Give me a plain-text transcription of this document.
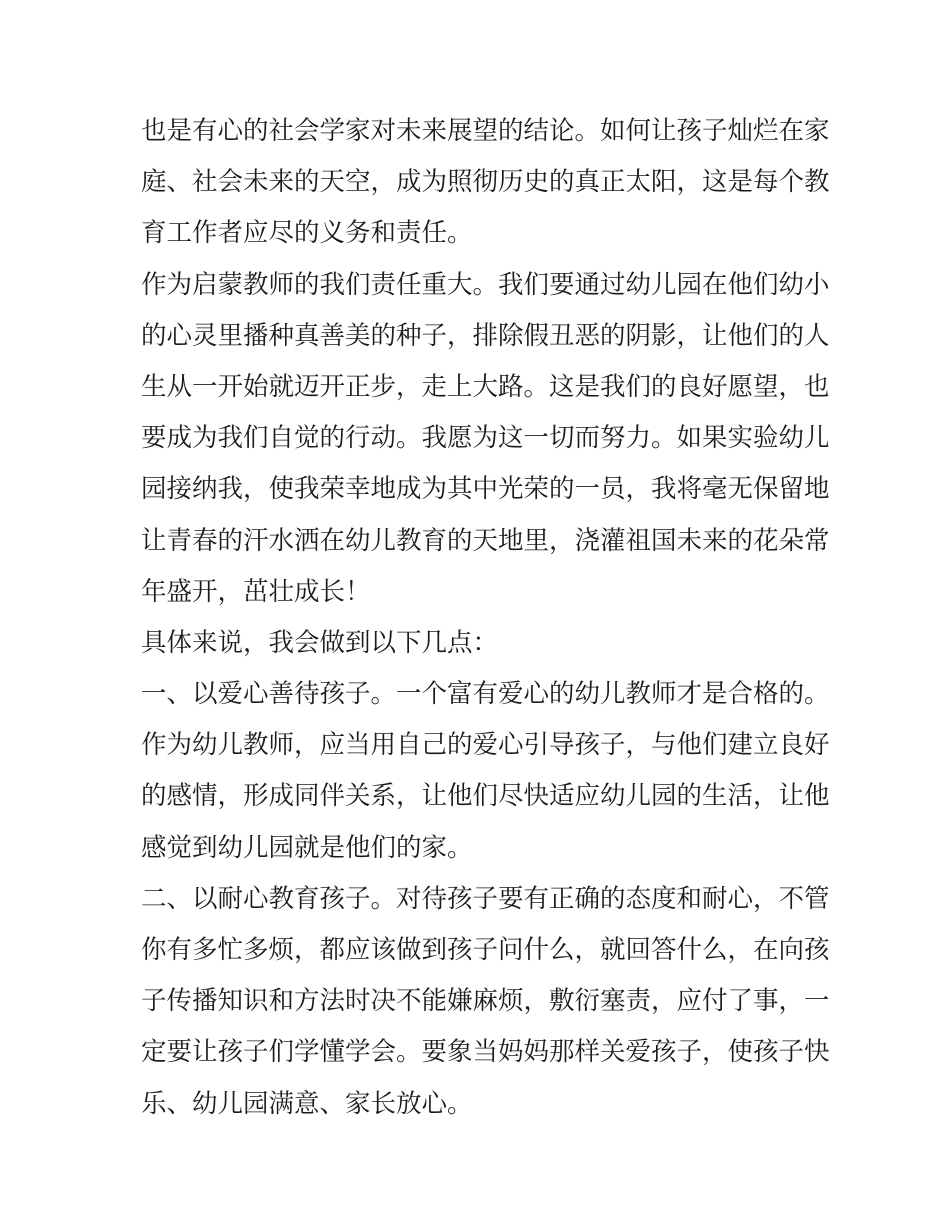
也是有心的社会学家对未来展望的结论。如何让孩子灿烂在家
庭、社会未来的天空，成为照彻历史的真正太阳，这是每个教
育工作者应尽的义务和责任。
作为启蒙教师的我们责任重大。我们要通过幼儿园在他们幼小
的心灵里播种真善美的种子，排除假丑恶的阴影，让他们的人
生从一开始就迈开正步，走上大路。这是我们的良好愿望，也
要成为我们自觉的行动。我愿为这一切而努力。如果实验幼儿
园接纳我，使我荣幸地成为其中光荣的一员，我将毫无保留地
让青春的汗水洒在幼儿教育的天地里，浇灌祖国未来的花朵常
年盛开，茁壮成长！
具体来说，我会做到以下几点：
一、以爱心善待孩子。一个富有爱心的幼儿教师才是合格的。
作为幼儿教师，应当用自己的爱心引导孩子，与他们建立良好
的感情，形成同伴关系，让他们尽快适应幼儿园的生活，让他
感觉到幼儿园就是他们的家。
二、以耐心教育孩子。对待孩子要有正确的态度和耐心，不管
你有多忙多烦，都应该做到孩子问什么，就回答什么，在向孩
子传播知识和方法时决不能嫌麻烦，敷衍塞责，应付了事，一
定要让孩子们学懂学会。要象当妈妈那样关爱孩子，使孩子快
乐、幼儿园满意、家长放心。
